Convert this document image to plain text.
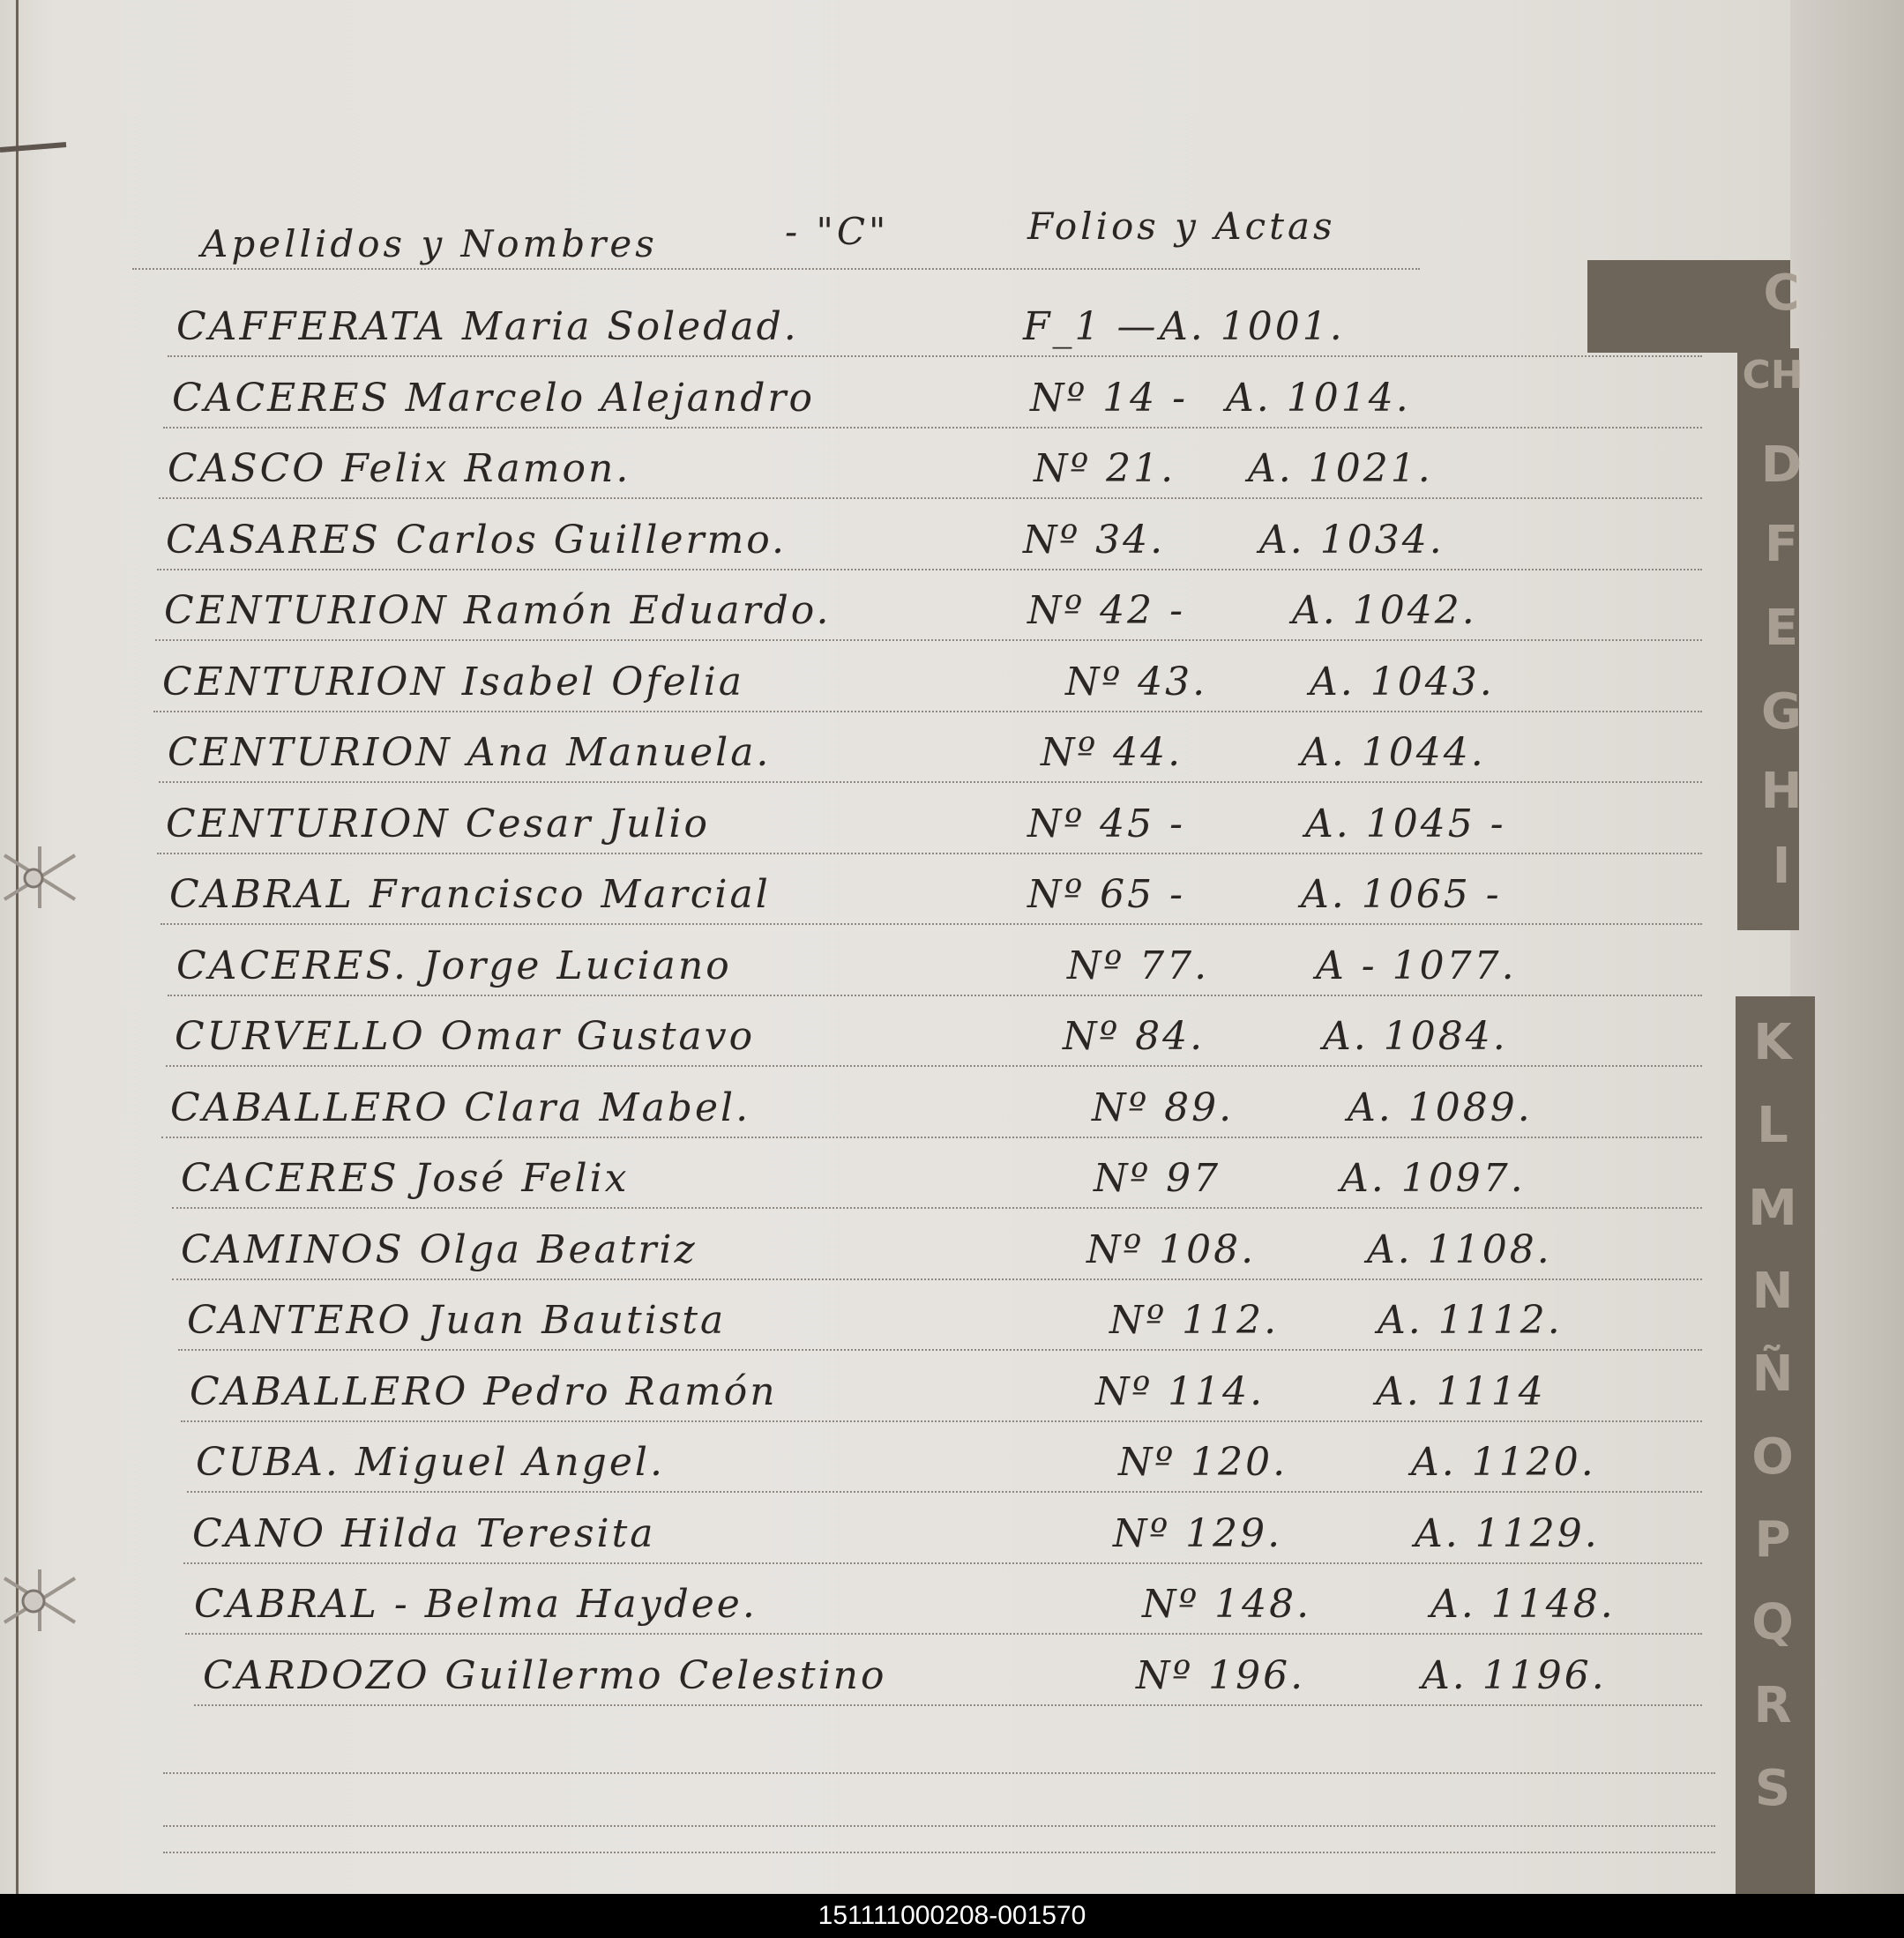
Apellidos y Nombres	- "C"	Folios y Actas
CAFFERATA Maria Soledad.	F_1 — A. 1001.
CACERES Marcelo Alejandro	Nº 14 - A. 1014.
CASCO Felix Ramon.	Nº 21. A. 1021.
CASARES Carlos Guillermo.	Nº 34. A. 1034.
CENTURION Ramón Eduardo.	Nº 42 -	A. 1042.
CENTURION Isabel Ofelia	Nº 43.	A. 1043.
CENTURION Ana Manuela.	Nº 44.	A. 1044.
CENTURION Cesar Julio	Nº 45 -	A. 1045 -
CABRAL Francisco Marcial	Nº 65 -	A. 1065 -
CACERES. Jorge Luciano	Nº 77.	A - 1077.
CURVELLO Omar Gustavo	Nº 84.	A. 1084.
CABALLERO Clara Mabel.	Nº 89.	A. 1089.
CACERES José Felix	Nº 97	A. 1097.
CAMINOS Olga Beatriz	Nº 108.	A. 1108.
CANTERO Juan Bautista	Nº 112.	A. 1112.
CABALLERO Pedro Ramón	Nº 114.	A. 1114
CUBA. Miguel Angel.	Nº 120.	A. 1120.
CANO Hilda Teresita	Nº 129.	A. 1129.
CABRAL - Belma Haydee.	Nº 148.	A. 1148.
CARDOZO Guillermo Celestino	Nº 196.	A. 1196.
C
CH
D
F
E
G
H
I
K
L
M
N
Ñ
O
P
Q
R
S
151111000208-001570
